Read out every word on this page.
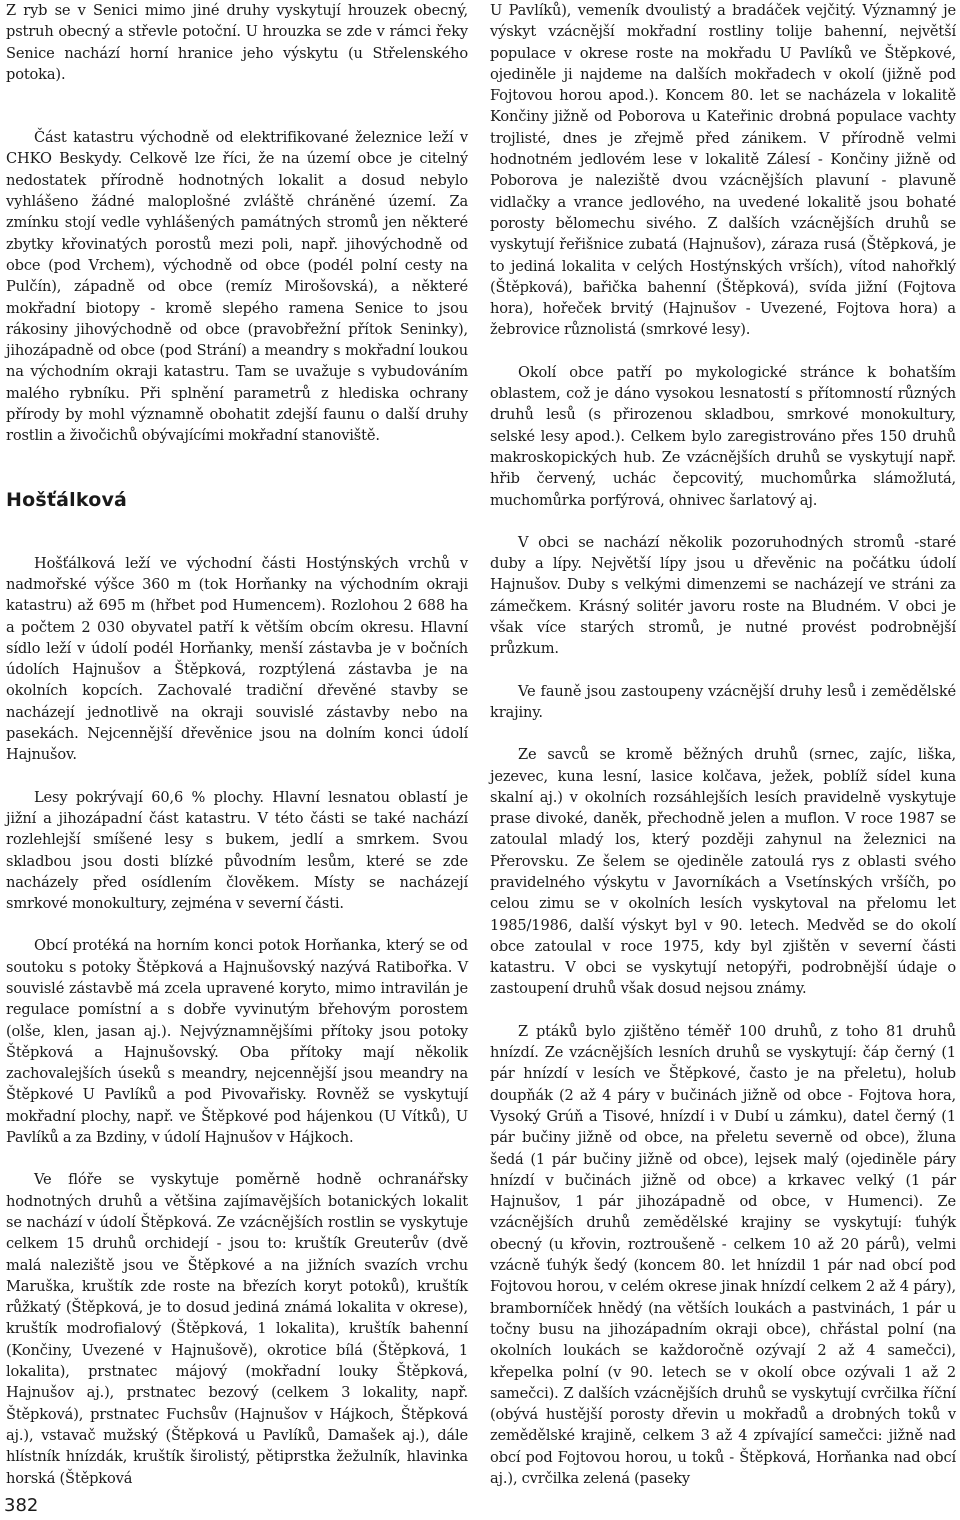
Z ryb se v Senici mimo jiné druhy vyskytují hrouzek obecný, pstruh obecný a střevle potoční. U hrouzka se zde v rámci řeky Senice nachází horní hranice jeho výskytu (u Střelenského potoka).

Část katastru východně od elektrifikované železnice leží v CHKO Beskydy. Celkově lze říci, že na území obce je citelný nedostatek přírodně hodnotných lokalit a dosud nebylo vyhlášeno žádné maloplošné zvláště chráněné území. Za zmínku stojí vedle vyhlášených památných stromů jen některé zbytky křovinatých porostů mezi poli, např. jihovýchodně od obce (pod Vrchem), východně od obce (podél polní cesty na Pulčín), západně od obce (remíz Mirošovská), a některé mokřadní biotopy - kromě slepého ramena Senice to jsou rákosiny jihovýchodně od obce (pravobřežní přítok Seninky), jihozápadně od obce (pod Strání) a meandry s mokřadní loukou na východním okraji katastru. Tam se uvažuje s vybudováním malého rybníku. Při splnění parametrů z hlediska ochrany přírody by mohl významně obohatit zdejší faunu o další druhy rostlin a živočichů obývajícími mokřadní stanoviště.

Hošťálková

Hošťálková leží ve východní části Hostýnských vrchů v nadmořské výšce 360 m (tok Horňanky na východním okraji katastru) až 695 m (hřbet pod Humencem). Rozlohou 2 688 ha a počtem 2 030 obyvatel patří k větším obcím okresu. Hlavní sídlo leží v údolí podél Horňanky, menší zástavba je v bočních údolích Hajnušov a Štěpková, rozptýlená zástavba je na okolních kopcích. Zachovalé tradiční dřevěné stavby se nacházejí jednotlivě na okraji souvislé zástavby nebo na pasekách. Nejcennější dřevěnice jsou na dolním konci údolí Hajnušov.

Lesy pokrývají 60,6 % plochy. Hlavní lesnatou oblastí je jižní a jihozápadní část katastru. V této části se také nachází rozlehlejší smíšené lesy s bukem, jedlí a smrkem. Svou skladbou jsou dosti blízké původním lesům, které se zde nacházely před osídlením člověkem. Místy se nacházejí smrkové monokultury, zejména v severní části.

Obcí protéká na horním konci potok Horňanka, který se od soutoku s potoky Štěpková a Hajnušovský nazývá Ratibořka. V souvislé zástavbě má zcela upravené koryto, mimo intravilán je regulace pomístní a s dobře vyvinutým břehovým porostem (olše, klen, jasan aj.). Nejvýznamnějšími přítoky jsou potoky Štěpková a Hajnušovský. Oba přítoky mají několik zachovalejších úseků s meandry, nejcennější jsou meandry na Štěpkové U Pavlíků a pod Pivovařisky. Rovněž se vyskytují mokřadní plochy, např. ve Štěpkové pod hájenkou (U Vítků), U Pavlíků a za Bzdiny, v údolí Hajnušov v Hájkoch.

Ve flóře se vyskytuje poměrně hodně ochranářsky hodnotných druhů a většina zajímavějších botanických lokalit se nachází v údolí Štěpková. Ze vzácnějších rostlin se vyskytuje celkem 15 druhů orchidejí - jsou to: kruštík Greuterův (dvě malá naleziště jsou ve Štěpkové a na jižních svazích vrchu Maruška, kruštík zde roste na březích koryt potoků), kruštík růžkatý (Štěpková, je to dosud jediná známá lokalita v okrese), kruštík modrofialový (Štěpková, 1 lokalita), kruštík bahenní (Končiny, Uvezené v Hajnušově), okrotice bílá (Štěpková, 1 lokalita), prstnatec májový (mokřadní louky Štěpková, Hajnušov aj.), prstnatec bezový (celkem 3 lokality, např. Štěpková), prstnatec Fuchsův (Hajnušov v Hájkoch, Štěpková aj.), vstavač mužský (Štěpková u Pavlíků, Damašek aj.), dále hlístník hnízdák, kruštík širolistý, pětiprstka žežulník, hlavinka horská (Štěpková

U Pavlíků), vemeník dvoulistý a bradáček vejčitý. Významný je výskyt vzácnější mokřadní rostliny tolije bahenní, největší populace v okrese roste na mokřadu U Pavlíků ve Štěpkové, ojediněle ji najdeme na dalších mokřadech v okolí (jižně pod Fojtovou horou apod.). Koncem 80. let se nacházela v lokalitě Končiny jižně od Poborova u Kateřinic drobná populace vachty trojlisté, dnes je zřejmě před zánikem. V přírodně velmi hodnotném jedlovém lese v lokalitě Zálesí - Končiny jižně od Poborova je naleziště dvou vzácnějších plavuní - plavuně vidlačky a vrance jedlového, na uvedené lokalitě jsou bohaté porosty bělomechu sivého. Z dalších vzácnějších druhů se vyskytují řeřišnice zubatá (Hajnušov), záraza rusá (Štěpková, je to jediná lokalita v celých Hostýnských vrších), vítod nahořklý (Štěpková), bařička bahenní (Štěpková), svída jižní (Fojtova hora), hořeček brvitý (Hajnušov - Uvezené, Fojtova hora) a žebrovice různolistá (smrkové lesy).

Okolí obce patří po mykologické stránce k bohatším oblastem, což je dáno vysokou lesnatostí s přítomností různých druhů lesů (s přirozenou skladbou, smrkové monokultury, selské lesy apod.). Celkem bylo zaregistrováno přes 150 druhů makroskopických hub. Ze vzácnějších druhů se vyskytují např. hřib červený, uchác čepcovitý, muchomůrka slámožlutá, muchomůrka porfýrová, ohnivec šarlatový aj.

V obci se nachází několik pozoruhodných stromů -staré duby a lípy. Největší lípy jsou u dřevěnic na počátku údolí Hajnušov. Duby s velkými dimenzemi se nacházejí ve stráni za zámečkem. Krásný solitér javoru roste na Bludném. V obci je však více starých stromů, je nutné provést podrobnější průzkum.

Ve fauně jsou zastoupeny vzácnější druhy lesů i zemědělské krajiny.

Ze savců se kromě běžných druhů (srnec, zajíc, liška, jezevec, kuna lesní, lasice kolčava, ježek, poblíž sídel kuna skalní aj.) v okolních rozsáhlejších lesích pravidelně vyskytuje prase divoké, daněk, přechodně jelen a muflon. V roce 1987 se zatoulal mladý los, který později zahynul na železnici na Přerovsku. Ze šelem se ojediněle zatoulá rys z oblasti svého pravidelného výskytu v Javorníkách a Vsetínských vršíčh, po celou zimu se v okolních lesích vyskytoval na přelomu let 1985/1986, další výskyt byl v 90. letech. Medvěd se do okolí obce zatoulal v roce 1975, kdy byl zjištěn v severní části katastru. V obci se vyskytují netopýři, podrobnější údaje o zastoupení druhů však dosud nejsou známy.

Z ptáků bylo zjištěno téměř 100 druhů, z toho 81 druhů hnízdí. Ze vzácnějších lesních druhů se vyskytují: čáp černý (1 pár hnízdí v lesích ve Štěpkové, často je na přeletu), holub doupňák (2 až 4 páry v bučinách jižně od obce - Fojtova hora, Vysoký Grúň a Tisové, hnízdí i v Dubí u zámku), datel černý (1 pár bučiny jižně od obce, na přeletu severně od obce), žluna šedá (1 pár bučiny jižně od obce), lejsek malý (ojediněle páry hnízdí v bučinách jižně od obce) a krkavec velký (1 pár Hajnušov, 1 pár jihozápadně od obce, v Humenci). Ze vzácnějších druhů zemědělské krajiny se vyskytují: ťuhýk obecný (u křovin, roztroušeně - celkem 10 až 20 párů), velmi vzácně ťuhýk šedý (koncem 80. let hnízdil 1 pár nad obcí pod Fojtovou horou, v celém okrese jinak hnízdí celkem 2 až 4 páry), bramborníček hnědý (na větších loukách a pastvinách, 1 pár u točny busu na jihozápadním okraji obce), chřástal polní (na okolních loukách se každoročně ozývají 2 až 4 samečci), křepelka polní (v 90. letech se v okolí obce ozývali 1 až 2 samečci). Z dalších vzácnějších druhů se vyskytují cvrčilka říční (obývá hustější porosty dřevin u mokřadů a drobných toků v zemědělské krajině, celkem 3 až 4 zpívající samečci: jižně nad obcí pod Fojtovou horou, u toků - Štěpková, Horňanka nad obcí aj.), cvrčilka zelená (paseky

382
